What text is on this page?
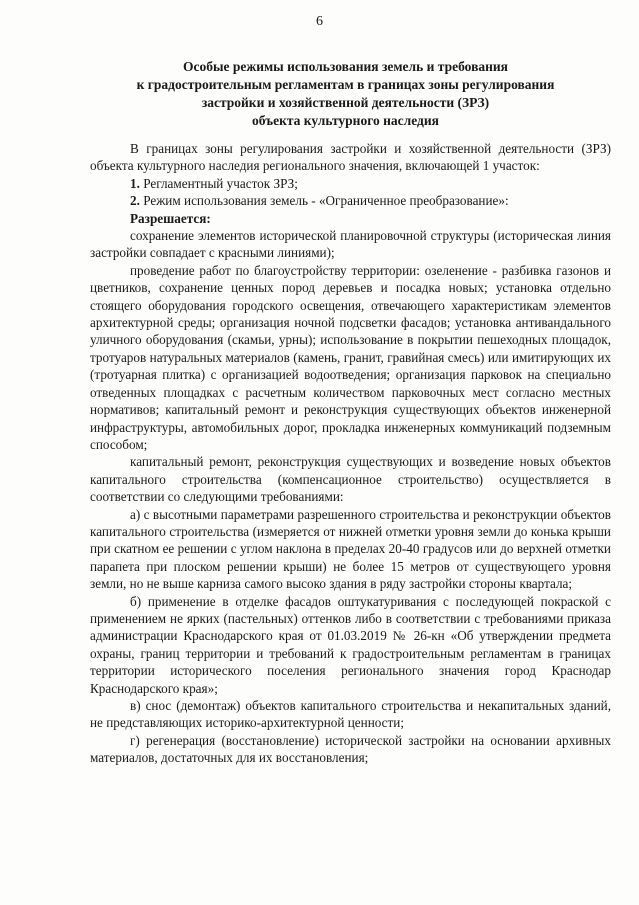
6
Особые режимы использования земель и требования
к градостроительным регламентам в границах зоны регулирования
застройки и хозяйственной деятельности (ЗРЗ)
объекта культурного наследия

В границах зоны регулирования застройки и хозяйственной деятельности (ЗРЗ) объекта культурного наследия регионального значения, включающей 1 участок:

1. Регламентный участок ЗРЗ;

2. Режим использования земель - «Ограниченное преобразование»:

Разрешается:

сохранение элементов исторической планировочной структуры (историческая линия застройки совпадает с красными линиями);

проведение работ по благоустройству территории: озеленение - разбивка газонов и цветников, сохранение ценных пород деревьев и посадка новых; установка отдельно стоящего оборудования городского освещения, отвечающего характеристикам элементов архитектурной среды; организация ночной подсветки фасадов; установка антивандального уличного оборудования (скамьи, урны); использование в покрытии пешеходных площадок, тротуаров натуральных материалов (камень, гранит, гравийная смесь) или имитирующих их (тротуарная плитка) с организацией водоотведения; организация парковок на специально отведенных площадках с расчетным количеством парковочных мест согласно местных нормативов; капитальный ремонт и реконструкция существующих объектов инженерной инфраструктуры, автомобильных дорог, прокладка инженерных коммуникаций подземным способом;

капитальный ремонт, реконструкция существующих и возведение новых объектов капитального строительства (компенсационное строительство) осуществляется в соответствии со следующими требованиями:

а) с высотными параметрами разрешенного строительства и реконструкции объектов капитального строительства (измеряется от нижней отметки уровня земли до конька крыши при скатном ее решении с углом наклона в пределах 20-40 градусов или до верхней отметки парапета при плоском решении крыши) не более 15 метров от существующего уровня земли, но не выше карниза самого высоко здания в ряду застройки стороны квартала;

б) применение в отделке фасадов оштукатуривания с последующей покраской с применением не ярких (пастельных) оттенков либо в соответствии с требованиями приказа администрации Краснодарского края от 01.03.2019 № 26-кн «Об утверждении предмета охраны, границ территории и требований к градостроительным регламентам в границах территории исторического поселения регионального значения город Краснодар Краснодарского края»;

в) снос (демонтаж) объектов капитального строительства и некапитальных зданий, не представляющих историко-архитектурной ценности;

г) регенерация (восстановление) исторической застройки на основании архивных материалов, достаточных для их восстановления;
